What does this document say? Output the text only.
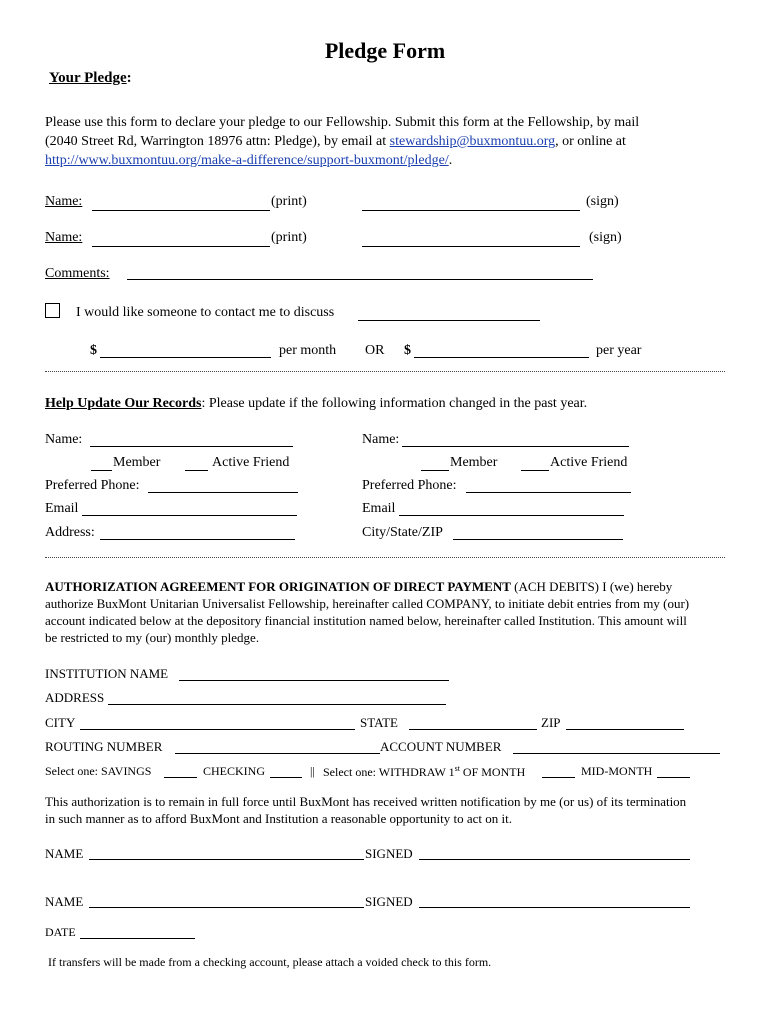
Pledge Form
Your Pledge:
Please use this form to declare your pledge to our Fellowship. Submit this form at the Fellowship, by mail
(2040 Street Rd, Warrington 18976 attn: Pledge), by email at stewardship@buxmontuu.org, or online at
http://www.buxmontuu.org/make-a-difference/support-buxmont/pledge/.
Name:	(print)	(sign)
Name:	(print)	(sign)
Comments:
I would like someone to contact me to discuss
$	per month OR $	per year
Help Update Our Records: Please update if the following information changed in the past year.
Name:
Member	Active Friend
Preferred Phone:
Email
Address:
Name:
Member	Active Friend
Preferred Phone:
Email
City/State/ZIP
AUTHORIZATION AGREEMENT FOR ORIGINATION OF DIRECT PAYMENT (ACH DEBITS) I (we) hereby
authorize BuxMont Unitarian Universalist Fellowship, hereinafter called COMPANY, to initiate debit entries from my (our)
account indicated below at the depository financial institution named below, hereinafter called Institution. This amount will
be restricted to my (our) monthly pledge.
INSTITUTION NAME
ADDRESS
CITY	STATE	ZIP
ROUTING NUMBER	ACCOUNT NUMBER
Select one: SAVINGS	CHECKING	|| Select one: WITHDRAW 1st OF MONTH	MID-MONTH
This authorization is to remain in full force until BuxMont has received written notification by me (or us) of its termination
in such manner as to afford BuxMont and Institution a reasonable opportunity to act on it.
NAME	SIGNED
NAME	SIGNED
DATE
If transfers will be made from a checking account, please attach a voided check to this form.
